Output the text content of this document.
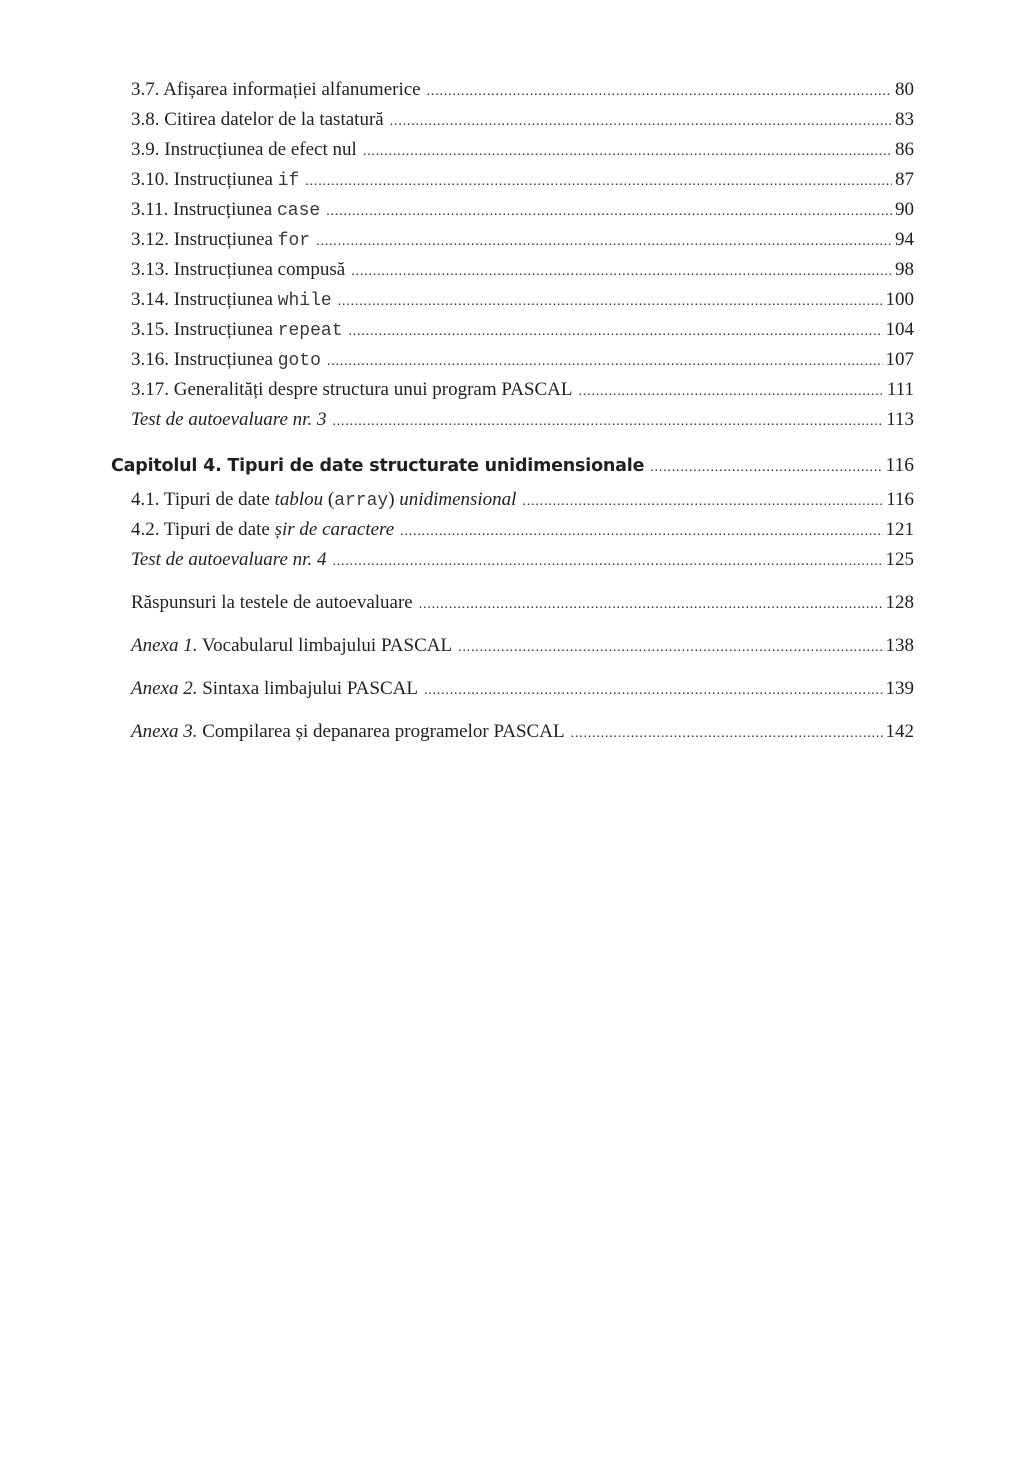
3.7. Afișarea informației alfanumerice .....	80
3.8. Citirea datelor de la tastatură .....	83
3.9. Instrucțiunea de efect nul .....	86
3.10. Instrucțiunea if .....	87
3.11. Instrucțiunea case .....	90
3.12. Instrucțiunea for .....	94
3.13. Instrucțiunea compusă .....	98
3.14. Instrucțiunea while .....	100
3.15. Instrucțiunea repeat .....	104
3.16. Instrucțiunea goto .....	107
3.17. Generalități despre structura unui program PASCAL .....	111
Test de autoevaluare nr. 3 .....	113
Capitolul 4. Tipuri de date structurate unidimensionale .....	116
4.1. Tipuri de date tablou (array) unidimensional .....	116
4.2. Tipuri de date șir de caractere .....	121
Test de autoevaluare nr. 4 .....	125
Răspunsuri la testele de autoevaluare .....	128
Anexa 1. Vocabularul limbajului PASCAL .....	138
Anexa 2. Sintaxa limbajului PASCAL .....	139
Anexa 3. Compilarea și depanarea programelor PASCAL .....	142
